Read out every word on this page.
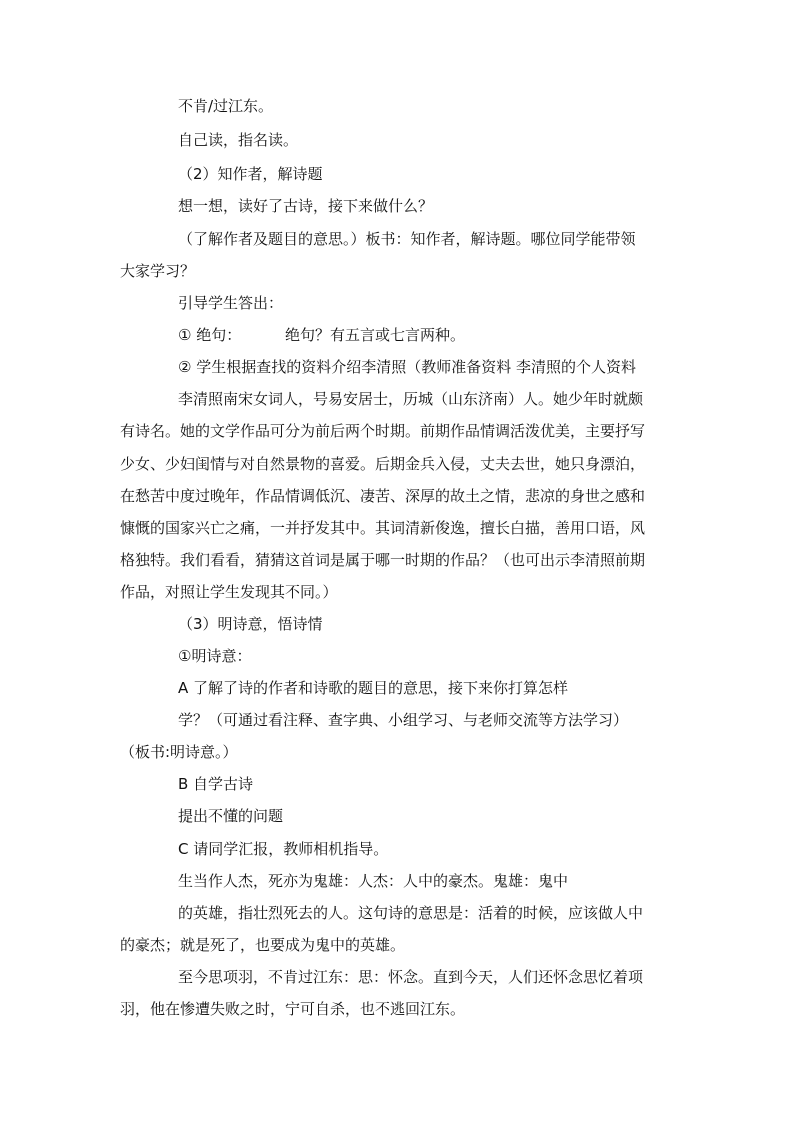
不肯/过江东。
自己读，指名读。
（2）知作者，解诗题
想一想，读好了古诗，接下来做什么？
（了解作者及题目的意思。）板书：知作者，解诗题。哪位同学能带领
大家学习？
引导学生答出：
① 绝句：	绝句？有五言或七言两种。
② 学生根据查找的资料介绍李清照（教师准备资料 李清照的个人资料
李清照南宋女词人，号易安居士，历城（山东济南）人。她少年时就颇
有诗名。她的文学作品可分为前后两个时期。前期作品情调活泼优美，主要抒写
少女、少妇闺情与对自然景物的喜爱。后期金兵入侵，丈夫去世，她只身漂泊，
在愁苦中度过晚年，作品情调低沉、凄苦、深厚的故土之情，悲凉的身世之感和
慷慨的国家兴亡之痛，一并抒发其中。其词清新俊逸，擅长白描，善用口语，风
格独特。我们看看，猜猜这首词是属于哪一时期的作品？（也可出示李清照前期
作品，对照让学生发现其不同。）
（3）明诗意，悟诗情
①明诗意：
A 了解了诗的作者和诗歌的题目的意思，接下来你打算怎样
学？（可通过看注释、查字典、小组学习、与老师交流等方法学习）
（板书:明诗意。）
B 自学古诗
提出不懂的问题
C 请同学汇报，教师相机指导。
生当作人杰，死亦为鬼雄：人杰：人中的豪杰。鬼雄：鬼中
的英雄，指壮烈死去的人。这句诗的意思是：活着的时候，应该做人中
的豪杰；就是死了，也要成为鬼中的英雄。
至今思项羽，不肯过江东：思：怀念。直到今天，人们还怀念思忆着项
羽，他在惨遭失败之时，宁可自杀，也不逃回江东。
